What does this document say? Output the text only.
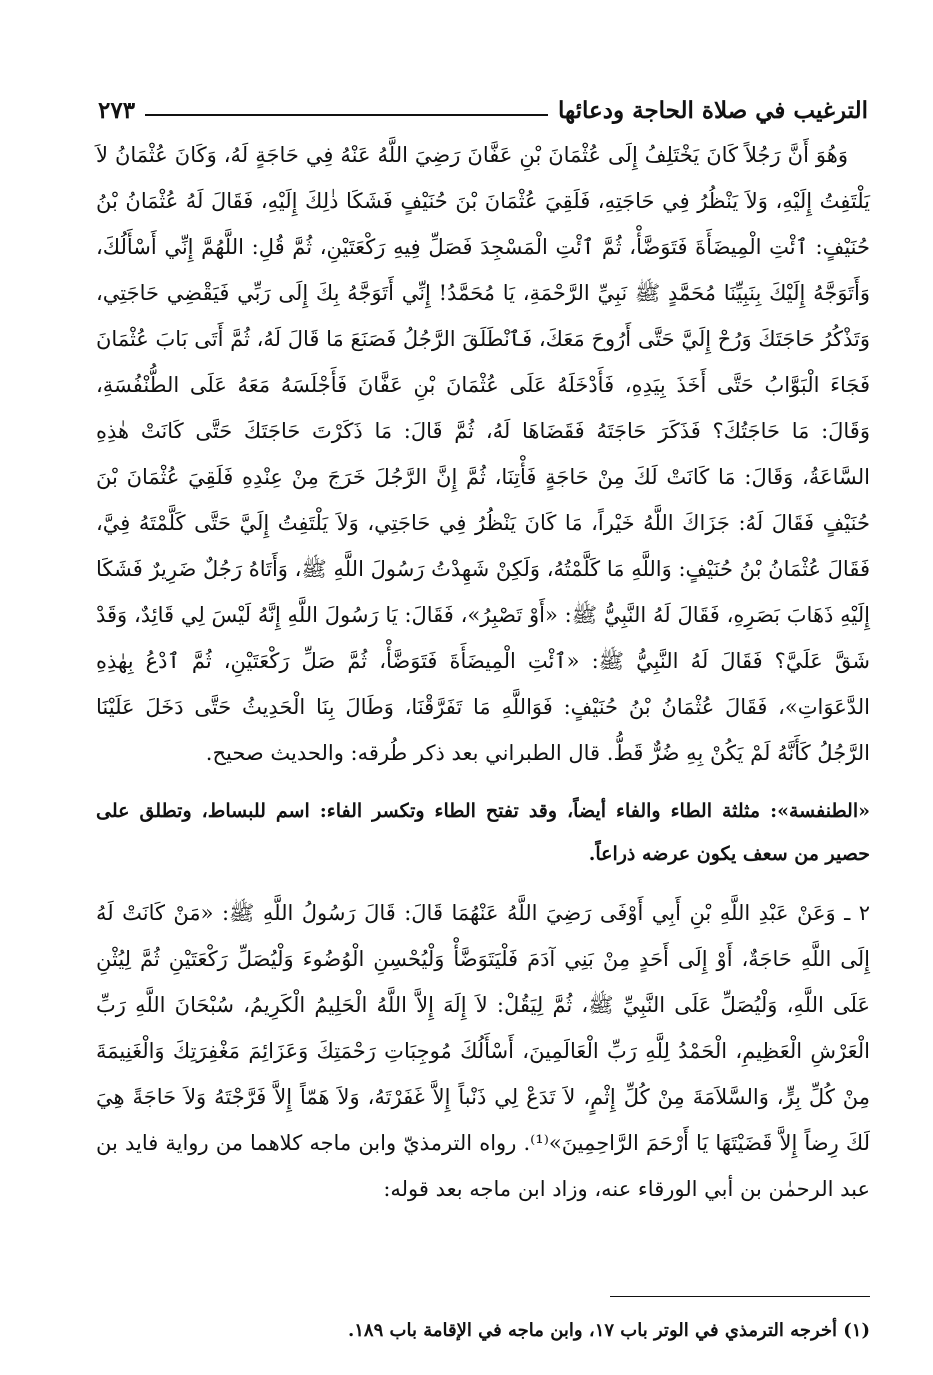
الترغيب في صلاة الحاجة ودعائها
٢٧٣

وَهُوَ أَنَّ رَجُلاً كَانَ يَخْتَلِفُ إِلَى عُثْمَانَ بْنِ عَفَّانَ رَضِيَ اللَّهُ عَنْهُ فِي حَاجَةٍ لَهُ، وَكَانَ عُثْمَانُ لاَ يَلْتَفِتُ إِلَيْهِ، وَلاَ يَنْظُرُ فِي حَاجَتِهِ، فَلَقِيَ عُثْمَانَ بْنَ حُنَيْفٍ فَشَكَا ذٰلِكَ إِلَيْهِ، فَقَالَ لَهُ عُثْمَانُ بْنُ حُنَيْفٍ: ٱئْتِ الْمِيضَأَةَ فَتَوَضَّأْ، ثُمَّ ٱئْتِ الْمَسْجِدَ فَصَلِّ فِيهِ رَكْعَتَيْنِ، ثُمَّ قُلِ: اللَّهُمَّ إِنِّي أَسْأَلُكَ، وَأَتَوَجَّهُ إِلَيْكَ بِنَبِيِّنَا مُحَمَّدٍ ﷺ نَبِيِّ الرَّحْمَةِ، يَا مُحَمَّدُ! إِنِّي أَتَوَجَّهُ بِكَ إِلَى رَبِّي فَيَقْضِي حَاجَتِي، وَتَذْكُرُ حَاجَتَكَ وَرُحْ إِلَيَّ حَتَّى أَرُوحَ مَعَكَ، فَٱنْطَلَقَ الرَّجُلُ فَصَنَعَ مَا قَالَ لَهُ، ثُمَّ أَتَى بَابَ عُثْمَانَ فَجَاءَ الْبَوَّابُ حَتَّى أَخَذَ بِيَدِهِ، فَأَدْخَلَهُ عَلَى عُثْمَانَ بْنِ عَفَّانَ فَأَجْلَسَهُ مَعَهُ عَلَى الطُّنْفُسَةِ، وَقَالَ: مَا حَاجَتُكَ؟ فَذَكَرَ حَاجَتَهُ فَقَضَاهَا لَهُ، ثُمَّ قَالَ: مَا ذَكَرْتَ حَاجَتَكَ حَتَّى كَانَتْ هٰذِهِ السَّاعَةُ، وَقَالَ: مَا كَانَتْ لَكَ مِنْ حَاجَةٍ فَأْتِنَا، ثُمَّ إِنَّ الرَّجُلَ خَرَجَ مِنْ عِنْدِهِ فَلَقِيَ عُثْمَانَ بْنَ حُنَيْفٍ فَقَالَ لَهُ: جَزَاكَ اللَّهُ خَيْراً، مَا كَانَ يَنْظُرُ فِي حَاجَتِي، وَلاَ يَلْتَفِتُ إِلَيَّ حَتَّى كَلَّمْتَهُ فِيَّ، فَقَالَ عُثْمَانُ بْنُ حُنَيْفٍ: وَاللَّهِ مَا كَلَّمْتُهُ، وَلَكِنْ شَهِدْتُ رَسُولَ اللَّهِ ﷺ، وَأَتَاهُ رَجُلٌ ضَرِيرٌ فَشَكَا إِلَيْهِ ذَهَابَ بَصَرِهِ، فَقَالَ لَهُ النَّبِيُّ ﷺ: «أَوْ تَصْبِرُ»، فَقَالَ: يَا رَسُولَ اللَّهِ إِنَّهُ لَيْسَ لِي قَائِدٌ، وَقَدْ شَقَّ عَلَيَّ؟ فَقَالَ لَهُ النَّبِيُّ ﷺ: «ٱئْتِ الْمِيضَأَةَ فَتَوَضَّأْ، ثُمَّ صَلِّ رَكْعَتَيْنِ، ثُمَّ ٱدْعُ بِهٰذِهِ الدَّعَوَاتِ»، فَقَالَ عُثْمَانُ بْنُ حُنَيْفٍ: فَوَاللَّهِ مَا تَفَرَّقْنَا، وَطَالَ بِنَا الْحَدِيثُ حَتَّى دَخَلَ عَلَيْنَا الرَّجُلُ كَأَنَّهُ لَمْ يَكُنْ بِهِ ضُرٌّ قَطُّ. قال الطبراني بعد ذكر طُرقه: والحديث صحيح.

«الطنفسة»: مثلثة الطاء والفاء أيضاً، وقد تفتح الطاء وتكسر الفاء: اسم للبساط، وتطلق على حصير من سعف يكون عرضه ذراعاً.

٢ ـ وَعَنْ عَبْدِ اللَّهِ بْنِ أَبِي أَوْفَى رَضِيَ اللَّهُ عَنْهُمَا قَالَ: قَالَ رَسُولُ اللَّهِ ﷺ: «مَنْ كَانَتْ لَهُ إِلَى اللَّهِ حَاجَةٌ، أَوْ إِلَى أَحَدٍ مِنْ بَنِي آدَمَ فَلْيَتَوَضَّأْ وَلْيُحْسِنِ الْوُضُوءَ وَلْيُصَلِّ رَكْعَتَيْنِ ثُمَّ لِيُثْنِ عَلَى اللَّهِ، وَلْيُصَلِّ عَلَى النَّبِيِّ ﷺ، ثُمَّ لِيَقُلْ: لاَ إِلَهَ إِلاَّ اللَّهُ الْحَلِيمُ الْكَرِيمُ، سُبْحَانَ اللَّهِ رَبِّ الْعَرْشِ الْعَظِيمِ، الْحَمْدُ لِلَّهِ رَبِّ الْعَالَمِينَ، أَسْأَلُكَ مُوجِبَاتِ رَحْمَتِكَ وَعَزَائِمَ مَغْفِرَتِكَ وَالْغَنِيمَةَ مِنْ كُلِّ بِرٍّ، وَالسَّلاَمَةَ مِنْ كُلِّ إِثْمٍ، لاَ تَدَعْ لِي ذَنْباً إِلاَّ غَفَرْتَهُ، وَلاَ هَمّاً إِلاَّ فَرَّجْتَهُ وَلاَ حَاجَةً هِيَ لَكَ رِضاً إِلاَّ قَضَيْتَهَا يَا أَرْحَمَ الرَّاحِمِينَ»⁽¹⁾. رواه الترمذيّ وابن ماجه كلاهما من رواية فايد بن عبد الرحمٰن بن أبي الورقاء عنه، وزاد ابن ماجه بعد قوله:

(١) أخرجه الترمذي في الوتر باب ١٧، وابن ماجه في الإقامة باب ١٨٩.
